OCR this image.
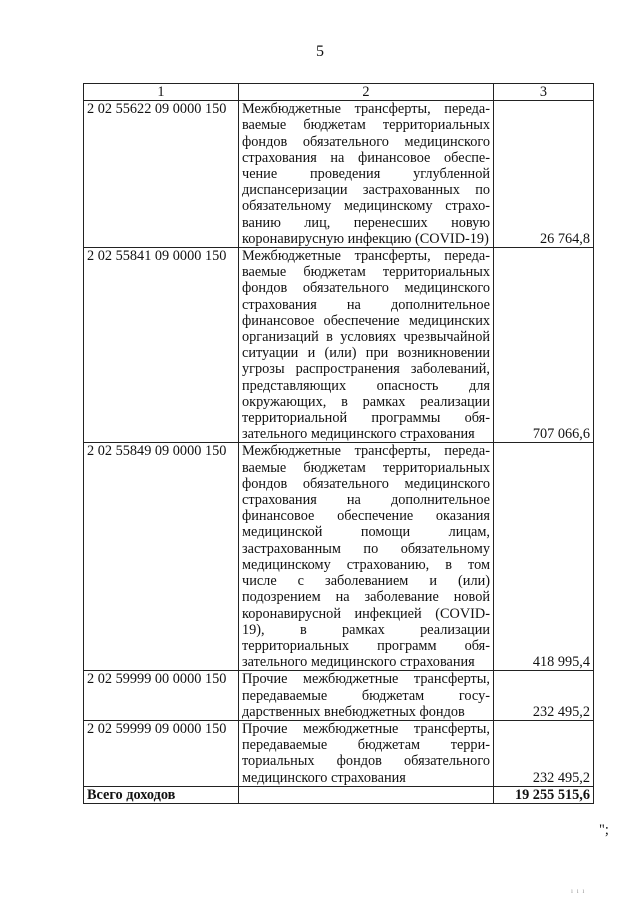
5
1	2	3
2 02 55622 09 0000 150	Межбюджетные трансферты, переда-ваемые бюджетам территориальных фондов обязательного медицинского страхования на финансовое обеспе-чение проведения углубленной диспансеризации застрахованных по обязательному медицинскому страхо-ванию лиц, перенесших новую коронавирусную инфекцию (COVID-19)	26 764,8
2 02 55841 09 0000 150	Межбюджетные трансферты, переда-ваемые бюджетам территориальных фондов обязательного медицинского страхования на дополнительное финансовое обеспечение медицинских организаций в условиях чрезвычайной ситуации и (или) при возникновении угрозы распространения заболеваний, представляющих опасность для окружающих, в рамках реализации территориальной программы обя-зательного медицинского страхования	707 066,6
2 02 55849 09 0000 150	Межбюджетные трансферты, переда-ваемые бюджетам территориальных фондов обязательного медицинского страхования на дополнительное финансовое обеспечение оказания медицинской помощи лицам, застрахованным по обязательному медицинскому страхованию, в том числе с заболеванием и (или) подозрением на заболевание новой коронавирусной инфекцией (COVID-19), в рамках реализации территориальных программ обя-зательного медицинского страхования	418 995,4
2 02 59999 00 0000 150	Прочие межбюджетные трансферты, передаваемые бюджетам госу-дарственных внебюджетных фондов	232 495,2
2 02 59999 09 0000 150	Прочие межбюджетные трансферты, передаваемые бюджетам терри-ториальных фондов обязательного медицинского страхования	232 495,2
Всего доходов		19 255 515,6
";
ı ı ı
